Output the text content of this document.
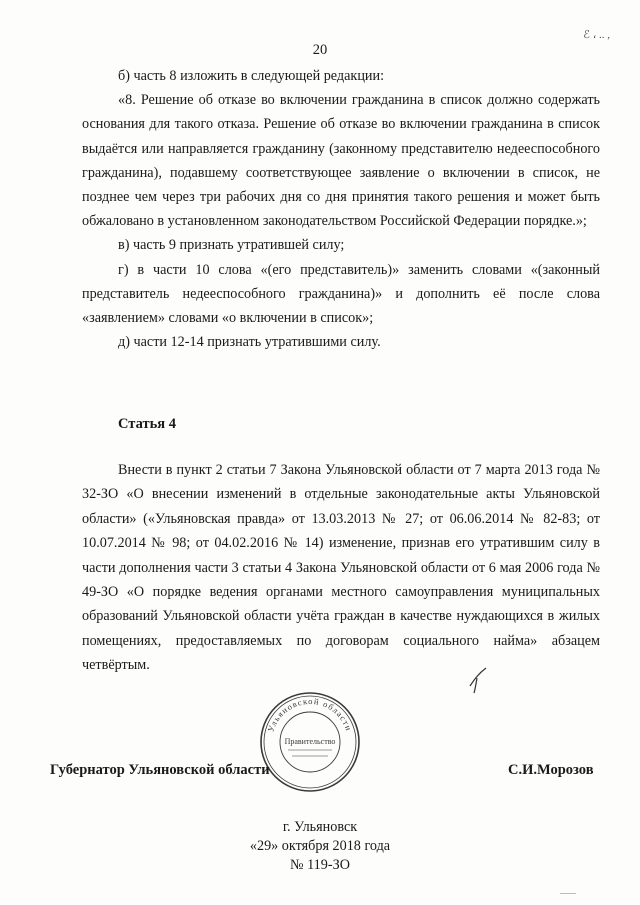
20
ℰ ، .. ,

б) часть 8 изложить в следующей редакции:

«8. Решение об отказе во включении гражданина в список должно содержать основания для такого отказа. Решение об отказе во включении гражданина в список выдаётся или направляется гражданину (законному представителю недееспособного гражданина), подавшему соответствующее заявление о включении в список, не позднее чем через три рабочих дня со дня принятия такого решения и может быть обжаловано в установленном законодательством Российской Федерации порядке.»;

в) часть 9 признать утратившей силу;

г) в части 10 слова «(его представитель)» заменить словами «(законный представитель недееспособного гражданина)» и дополнить её после слова «заявлением» словами «о включении в список»;

д) части 12-14 признать утратившими силу.

Статья 4

Внести в пункт 2 статьи 7 Закона Ульяновской области от 7 марта 2013 года № 32-ЗО «О внесении изменений в отдельные законодательные акты Ульяновской области» («Ульяновская правда» от 13.03.2013 № 27; от 06.06.2014 № 82-83; от 10.07.2014 № 98; от 04.02.2016 № 14) изменение, признав его утратившим силу в части дополнения части 3 статьи 4 Закона Ульяновской области от 6 мая 2006 года № 49-ЗО «О порядке ведения органами местного самоуправления муниципальных образований Ульяновской области учёта граждан в качестве нуждающихся в жилых помещениях, предоставляемых по договорам социального найма» абзацем четвёртым.

Ульяновской области
Правительство
Губернатор Ульяновской области	С.И.Морозов
г. Ульяновск
«29» октября 2018 года
№ 119-ЗО
